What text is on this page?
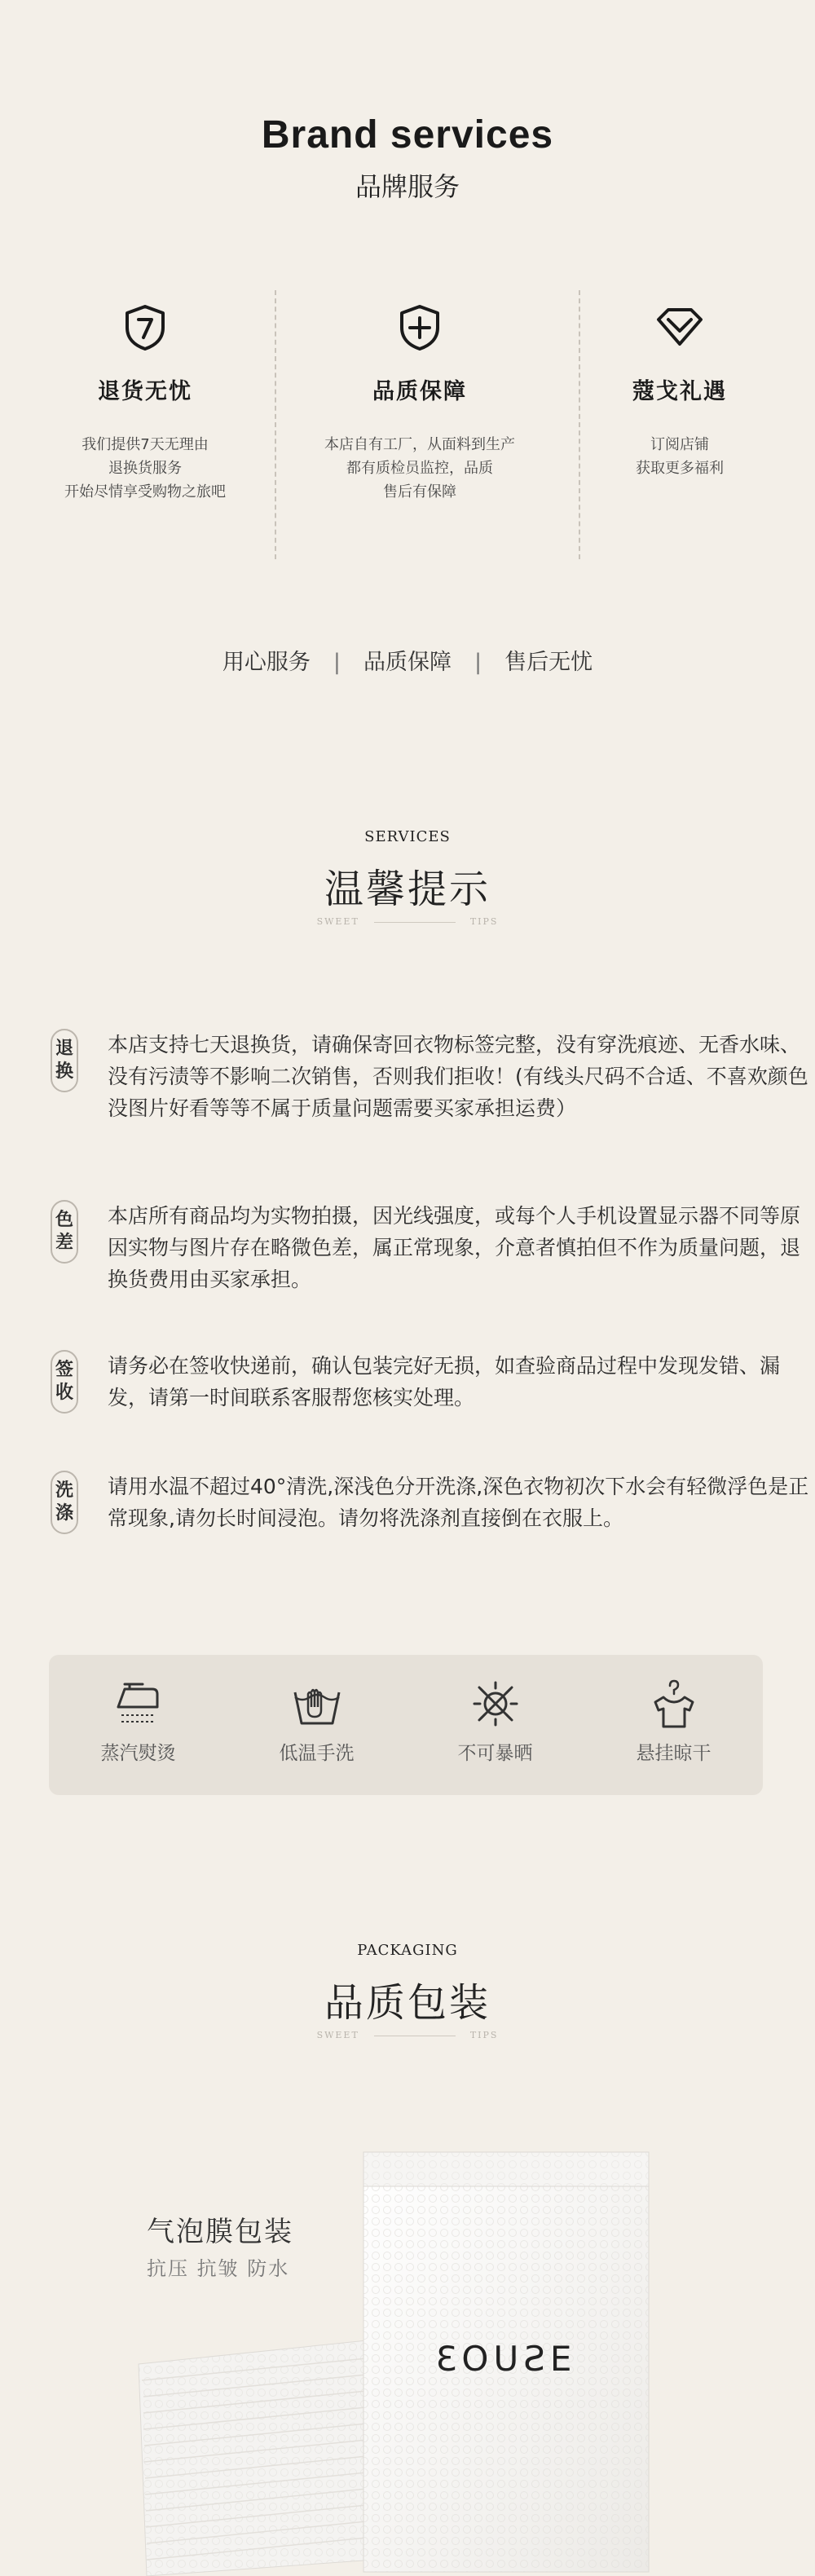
Brand services
品牌服务
退货无忧
我们提供7天无理由
退换货服务
开始尽情享受购物之旅吧
品质保障
本店自有工厂，从面料到生产
都有质检员监控，品质
售后有保障
蔻戈礼遇
订阅店铺
获取更多福利
用心服务 | 品质保障 | 售后无忧
SERVICES
温馨提示
SWEET	TIPS
退
换
本店支持七天退换货，请确保寄回衣物标签完整，没有穿洗痕迹、无香水味、没有污渍等不影响二次销售，否则我们拒收！(有线头尺码不合适、不喜欢颜色没图片好看等等不属于质量问题需要买家承担运费）
色
差
本店所有商品均为实物拍摄，因光线强度，或每个人手机设置显示器不同等原因实物与图片存在略微色差，属正常现象，介意者慎拍但不作为质量问题，退换货费用由买家承担。
签
收
请务必在签收快递前，确认包装完好无损，如查验商品过程中发现发错、漏发，请第一时间联系客服帮您核实处理。
洗
涤
请用水温不超过40°清洗,深浅色分开洗涤,深色衣物初次下水会有轻微浮色是正常现象,请勿长时间浸泡。请勿将洗涤剂直接倒在衣服上。
蒸汽熨烫	低温手洗	不可暴晒	悬挂晾干
PACKAGING
品质包装
SWEET	TIPS
气泡膜包装
抗压 抗皱 防水
ƐOUƧE
